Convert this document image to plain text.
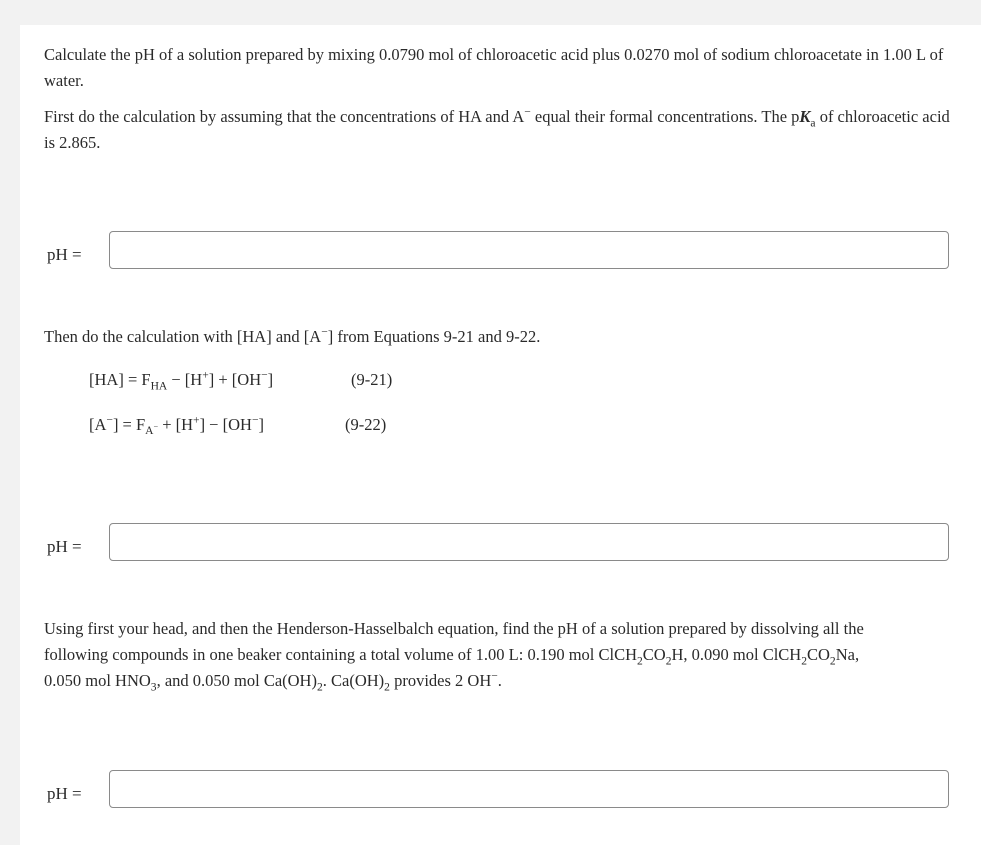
Calculate the pH of a solution prepared by mixing 0.0790 mol of chloroacetic acid plus 0.0270 mol of sodium chloroacetate in 1.00 L of water.

First do the calculation by assuming that the concentrations of HA and A− equal their formal concentrations. The $pK_a$ of chloroacetic acid is 2.865.

pH =

Then do the calculation with [HA] and [A−] from Equations 9-21 and 9-22.

$[HA] = F_{HA} - [H^+] + [OH^-]$	(9-21)
$[A^-] = F_{A^-} + [H^+] - [OH^-]$	(9-22)
pH =

Using first your head, and then the Henderson-Hasselbalch equation, find the pH of a solution prepared by dissolving all the
following compounds in one beaker containing a total volume of 1.00 L: 0.190 mol $ClCH_2CO_2H$, 0.090 mol $ClCH_2CO_2Na$,
0.050 mol $HNO_3$, and 0.050 mol $Ca(OH)_2$. $Ca(OH)_2$ provides 2 OH−.

pH =
